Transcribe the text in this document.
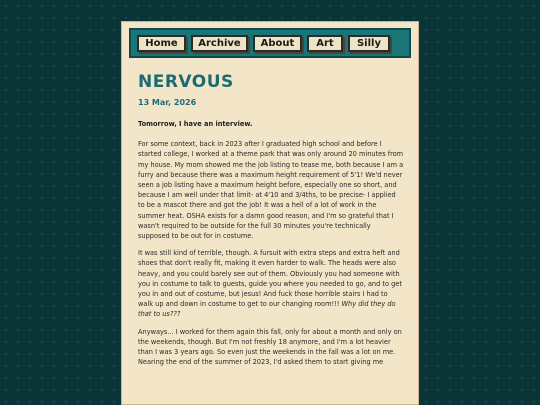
Home	Archive	About	Art	Silly
NERVOUS
13 Mar, 2026
Tomorrow, I have an interview.

For some context, back in 2023 after I graduated high school and before I started college, I worked at a theme park that was only around 20 minutes from my house. My mom showed me the job listing to tease me, both because I am a furry and because there was a maximum height requirement of 5'1! We'd never seen a job listing have a maximum height before, especially one so short, and because I am well under that limit- at 4'10 and 3/4ths, to be precise- I applied to be a mascot there and got the job! It was a hell of a lot of work in the summer heat. OSHA exists for a damn good reason, and I'm so grateful that I wasn't required to be outside for the full 30 minutes you're technically supposed to be out for in costume.

It was still kind of terrible, though. A fursuit with extra steps and extra heft and shoes that don't really fit, making it even harder to walk. The heads were also heavy, and you could barely see out of them. Obviously you had someone with you in costume to talk to guests, guide you where you needed to go, and to get you in and out of costume, but jesus! And fuck those horrible stairs I had to walk up and down in costume to get to our changing room!!! Why did they do that to us???

Anyways... I worked for them again this fall, only for about a month and only on the weekends, though. But I'm not freshly 18 anymore, and I'm a lot heavier than I was 3 years ago. So even just the weekends in the fall was a lot on me. Nearing the end of the summer of 2023, I'd asked them to start giving me
